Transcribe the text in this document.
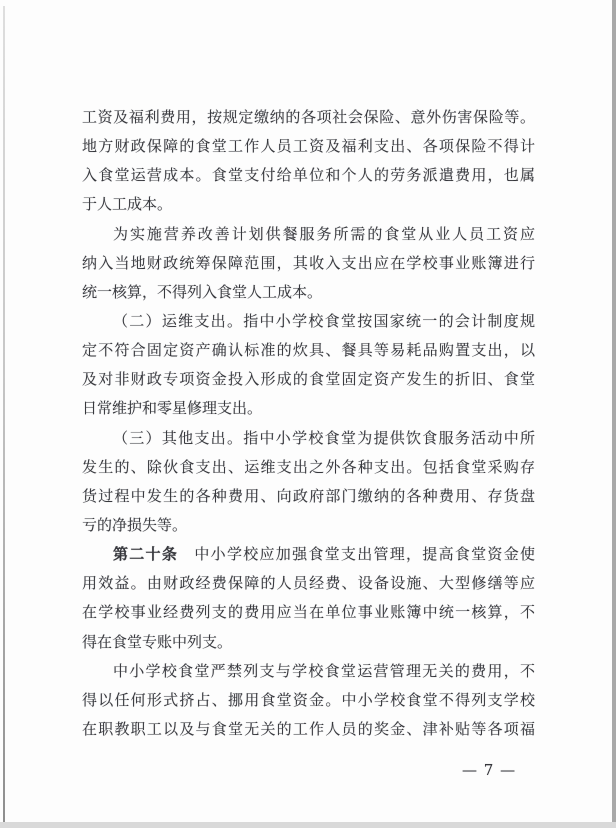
工资及福利费用，按规定缴纳的各项社会保险、意外伤害保险等。
地方财政保障的食堂工作人员工资及福利支出、各项保险不得计
入食堂运营成本。食堂支付给单位和个人的劳务派遣费用，也属
于人工成本。
为实施营养改善计划供餐服务所需的食堂从业人员工资应
纳入当地财政统筹保障范围，其收入支出应在学校事业账簿进行
统一核算，不得列入食堂人工成本。
（二）运维支出。指中小学校食堂按国家统一的会计制度规
定不符合固定资产确认标准的炊具、餐具等易耗品购置支出，以
及对非财政专项资金投入形成的食堂固定资产发生的折旧、食堂
日常维护和零星修理支出。
（三）其他支出。指中小学校食堂为提供饮食服务活动中所
发生的、除伙食支出、运维支出之外各种支出。包括食堂采购存
货过程中发生的各种费用、向政府部门缴纳的各种费用、存货盘
亏的净损失等。
第二十条　 中小学校应加强食堂支出管理，提高食堂资金使
用效益。由财政经费保障的人员经费、设备设施、大型修缮等应
在学校事业经费列支的费用应当在单位事业账簿中统一核算，不
得在食堂专账中列支。
中小学校食堂严禁列支与学校食堂运营管理无关的费用，不
得以任何形式挤占、挪用食堂资金。中小学校食堂不得列支学校
在职教职工以及与食堂无关的工作人员的奖金、津补贴等各项福
— 7 —
